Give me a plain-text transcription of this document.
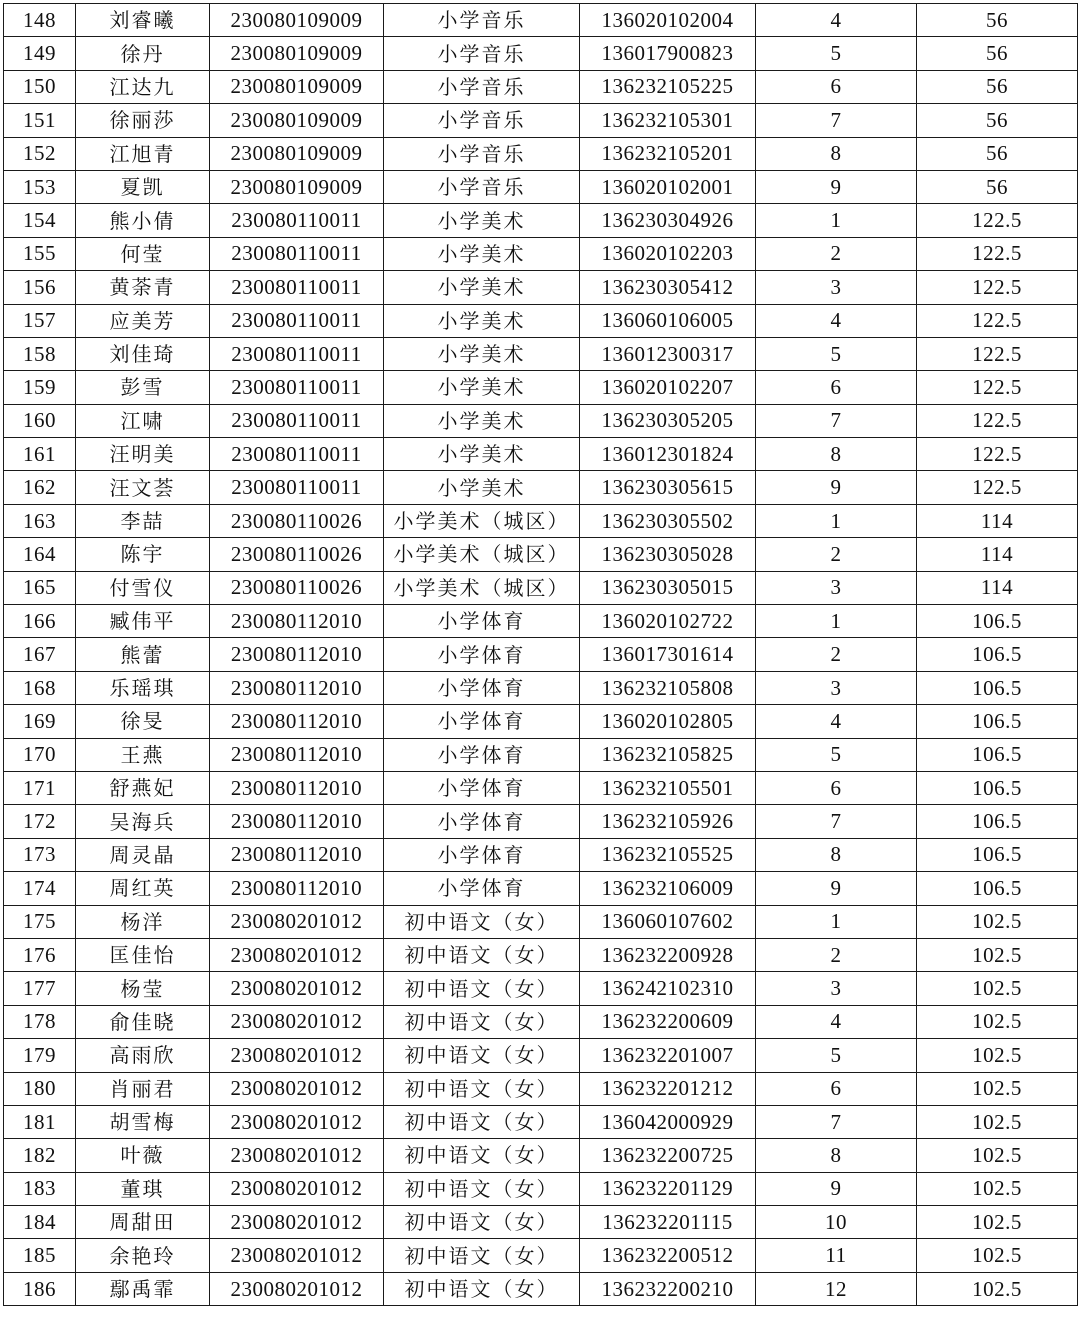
148	刘睿曦	230080109009	小学音乐	136020102004	4	56
149	徐丹	230080109009	小学音乐	136017900823	5	56
150	江达九	230080109009	小学音乐	136232105225	6	56
151	徐丽莎	230080109009	小学音乐	136232105301	7	56
152	江旭青	230080109009	小学音乐	136232105201	8	56
153	夏凯	230080109009	小学音乐	136020102001	9	56
154	熊小倩	230080110011	小学美术	136230304926	1	122.5
155	何莹	230080110011	小学美术	136020102203	2	122.5
156	黄荼青	230080110011	小学美术	136230305412	3	122.5
157	应美芳	230080110011	小学美术	136060106005	4	122.5
158	刘佳琦	230080110011	小学美术	136012300317	5	122.5
159	彭雪	230080110011	小学美术	136020102207	6	122.5
160	江啸	230080110011	小学美术	136230305205	7	122.5
161	汪明美	230080110011	小学美术	136012301824	8	122.5
162	汪文荟	230080110011	小学美术	136230305615	9	122.5
163	李喆	230080110026	小学美术（城区）	136230305502	1	114
164	陈宇	230080110026	小学美术（城区）	136230305028	2	114
165	付雪仪	230080110026	小学美术（城区）	136230305015	3	114
166	臧伟平	230080112010	小学体育	136020102722	1	106.5
167	熊蕾	230080112010	小学体育	136017301614	2	106.5
168	乐瑶琪	230080112010	小学体育	136232105808	3	106.5
169	徐旻	230080112010	小学体育	136020102805	4	106.5
170	王燕	230080112010	小学体育	136232105825	5	106.5
171	舒燕妃	230080112010	小学体育	136232105501	6	106.5
172	吴海兵	230080112010	小学体育	136232105926	7	106.5
173	周灵晶	230080112010	小学体育	136232105525	8	106.5
174	周红英	230080112010	小学体育	136232106009	9	106.5
175	杨洋	230080201012	初中语文（女）	136060107602	1	102.5
176	匡佳怡	230080201012	初中语文（女）	136232200928	2	102.5
177	杨莹	230080201012	初中语文（女）	136242102310	3	102.5
178	俞佳晓	230080201012	初中语文（女）	136232200609	4	102.5
179	高雨欣	230080201012	初中语文（女）	136232201007	5	102.5
180	肖丽君	230080201012	初中语文（女）	136232201212	6	102.5
181	胡雪梅	230080201012	初中语文（女）	136042000929	7	102.5
182	叶薇	230080201012	初中语文（女）	136232200725	8	102.5
183	董琪	230080201012	初中语文（女）	136232201129	9	102.5
184	周甜田	230080201012	初中语文（女）	136232201115	10	102.5
185	余艳玲	230080201012	初中语文（女）	136232200512	11	102.5
186	鄢禹霏	230080201012	初中语文（女）	136232200210	12	102.5
